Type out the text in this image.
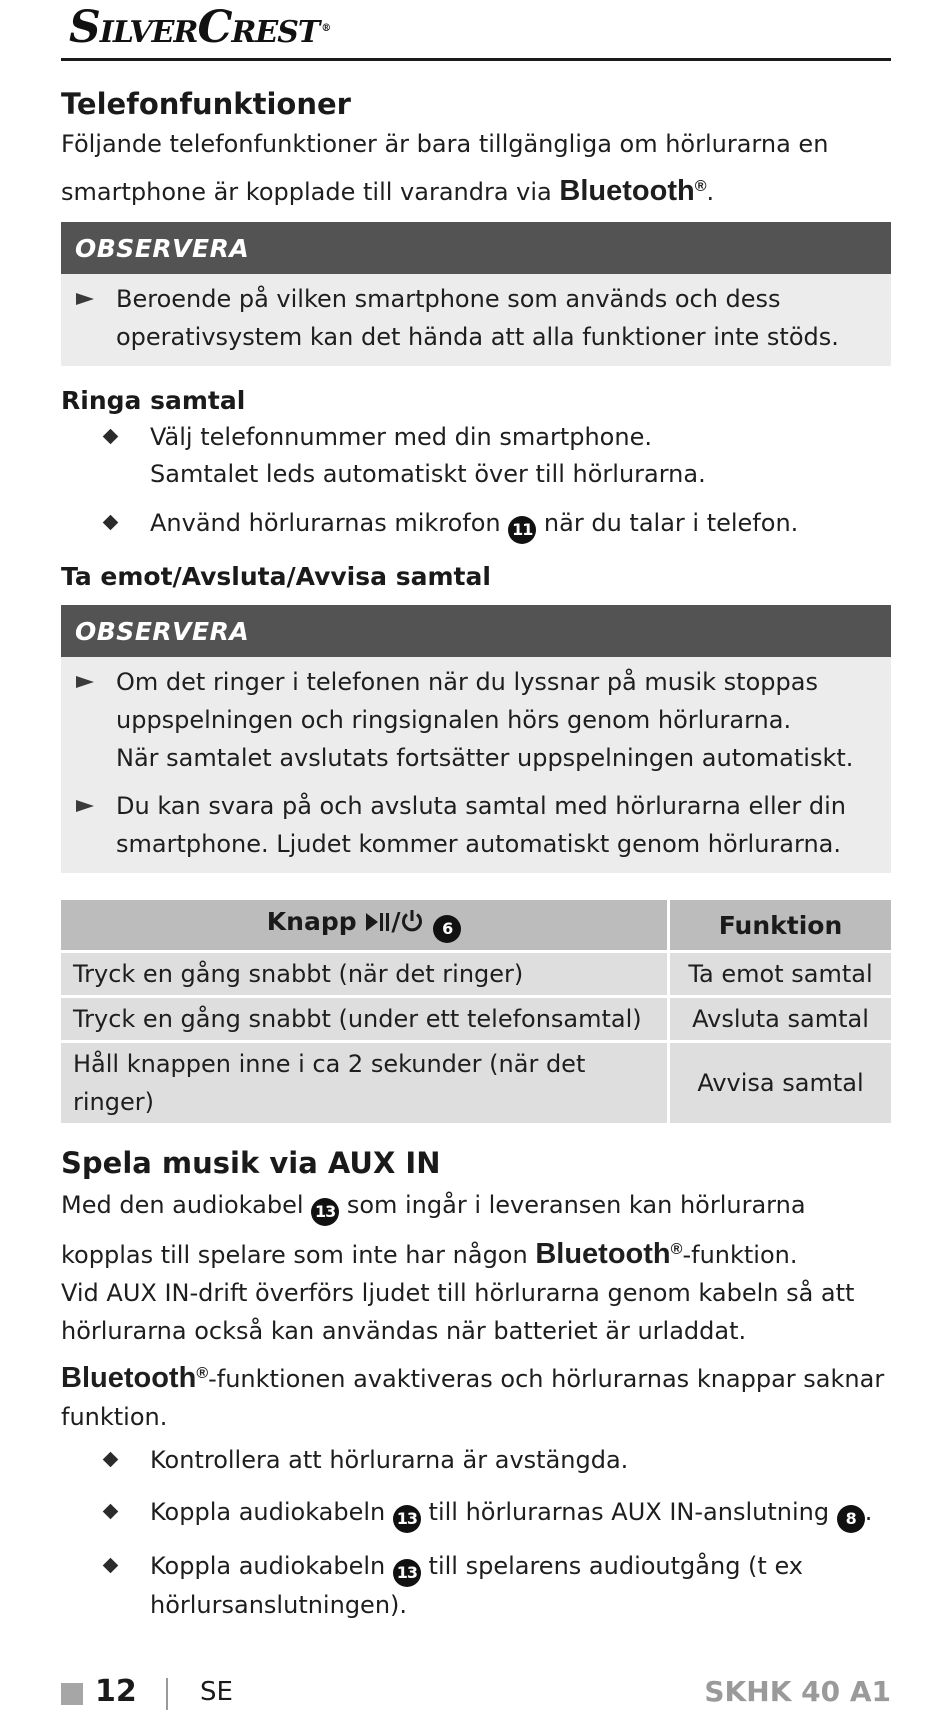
SILVERCREST ®
Telefonfunktioner

Följande telefonfunktioner är bara tillgängliga om hörlurarna en smartphone är kopplade till varandra via Bluetooth®.

OBSERVERA
Beroende på vilken smartphone som används och dess operativsystem kan det hända att alla funktioner inte stöds.
Ringa samtal
Välj telefonnummer med din smartphone.
Samtalet leds automatiskt över till hörlurarna.
Använd hörlurarnas mikrofon 11 när du talar i telefon.
Ta emot/Avsluta/Avvisa samtal
OBSERVERA
Om det ringer i telefonen när du lyssnar på musik stoppas uppspelningen och ringsignalen hörs genom hörlurarna.
När samtalet avslutats fortsätter uppspelningen automatiskt.
Du kan svara på och avsluta samtal med hörlurarna eller din smartphone. Ljudet kommer automatiskt genom hörlurarna.
Knapp / 6	Funktion
Tryck en gång snabbt (när det ringer)	Ta emot samtal
Tryck en gång snabbt (under ett telefonsamtal)	Avsluta samtal
Håll knappen inne i ca 2 sekunder (när det ringer)	Avvisa samtal
Spela musik via AUX IN

Med den audiokabel 13 som ingår i leveransen kan hörlurarna kopplas till spelare som inte har någon Bluetooth®-funktion.

Vid AUX IN-drift överförs ljudet till hörlurarna genom kabeln så att hörlurarna också kan användas när batteriet är urladdat. Bluetooth®-funktionen avaktiveras och hörlurarnas knappar saknar funktion.

Kontrollera att hörlurarna är avstängda.
Koppla audiokabeln 13 till hörlurarnas AUX IN-anslutning 8 .
Koppla audiokabeln 13 till spelarens audioutgång (t ex hörlursanslutningen).
12 SE	SKHK 40 A1
